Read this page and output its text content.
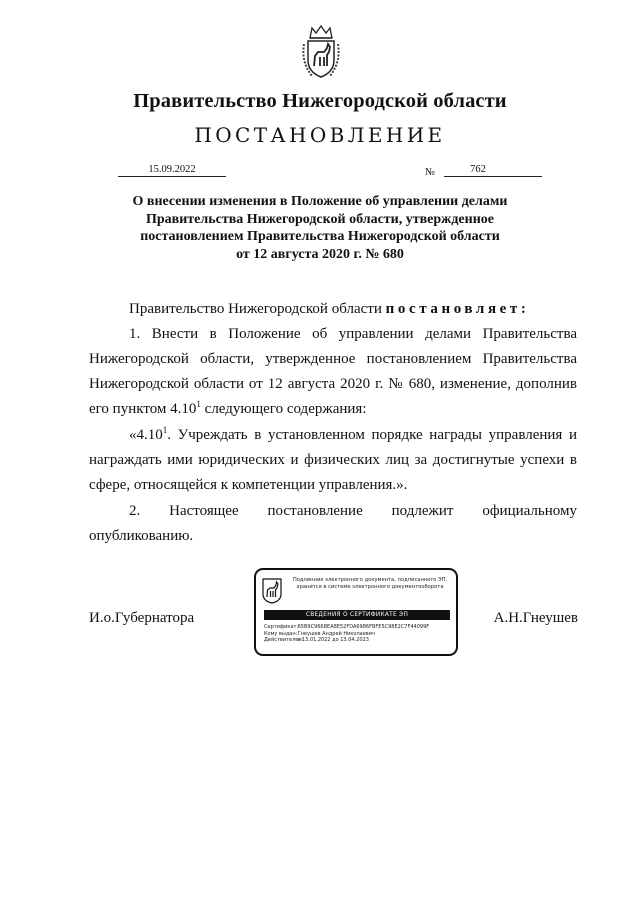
Правительство Нижегородской области
ПОСТАНОВЛЕНИЕ
15.09.2022	№	762
О внесении изменения в Положение об управлении делами
Правительства Нижегородской области, утвержденное
постановлением Правительства Нижегородской области
от 12 августа 2020 г. № 680

Правительство Нижегородской области постановляет:

1. Внести в Положение об управлении делами Правительства Нижегородской области, утвержденное постановлением Правительства Нижегородской области от 12 августа 2020 г. № 680, изменение, дополнив его пунктом 4.10$^1$ следующего содержания:

«4.10$^1$. Учреждать в установленном порядке награды управления и награждать ими юридических и физических лиц за достигнутые успехи в сфере, относящейся к компетенции управления.».

2. Настоящее постановление подлежит официальному

опубликованию.

И.о.Губернатора
Подлинник электронного документа, подписанного ЭП,
хранится в системе электронного документооборота
СВЕДЕНИЯ О СЕРТИФИКАТЕ ЭП
Сертификат: 65B9C966BEA8E52FDA6986FBFE5C98E2C7F44099F
Кому выдан: Гнеушев Андрей Николаевич
Действителен: с 13.01.2022 до 13.04.2023
А.Н.Гнеушев
